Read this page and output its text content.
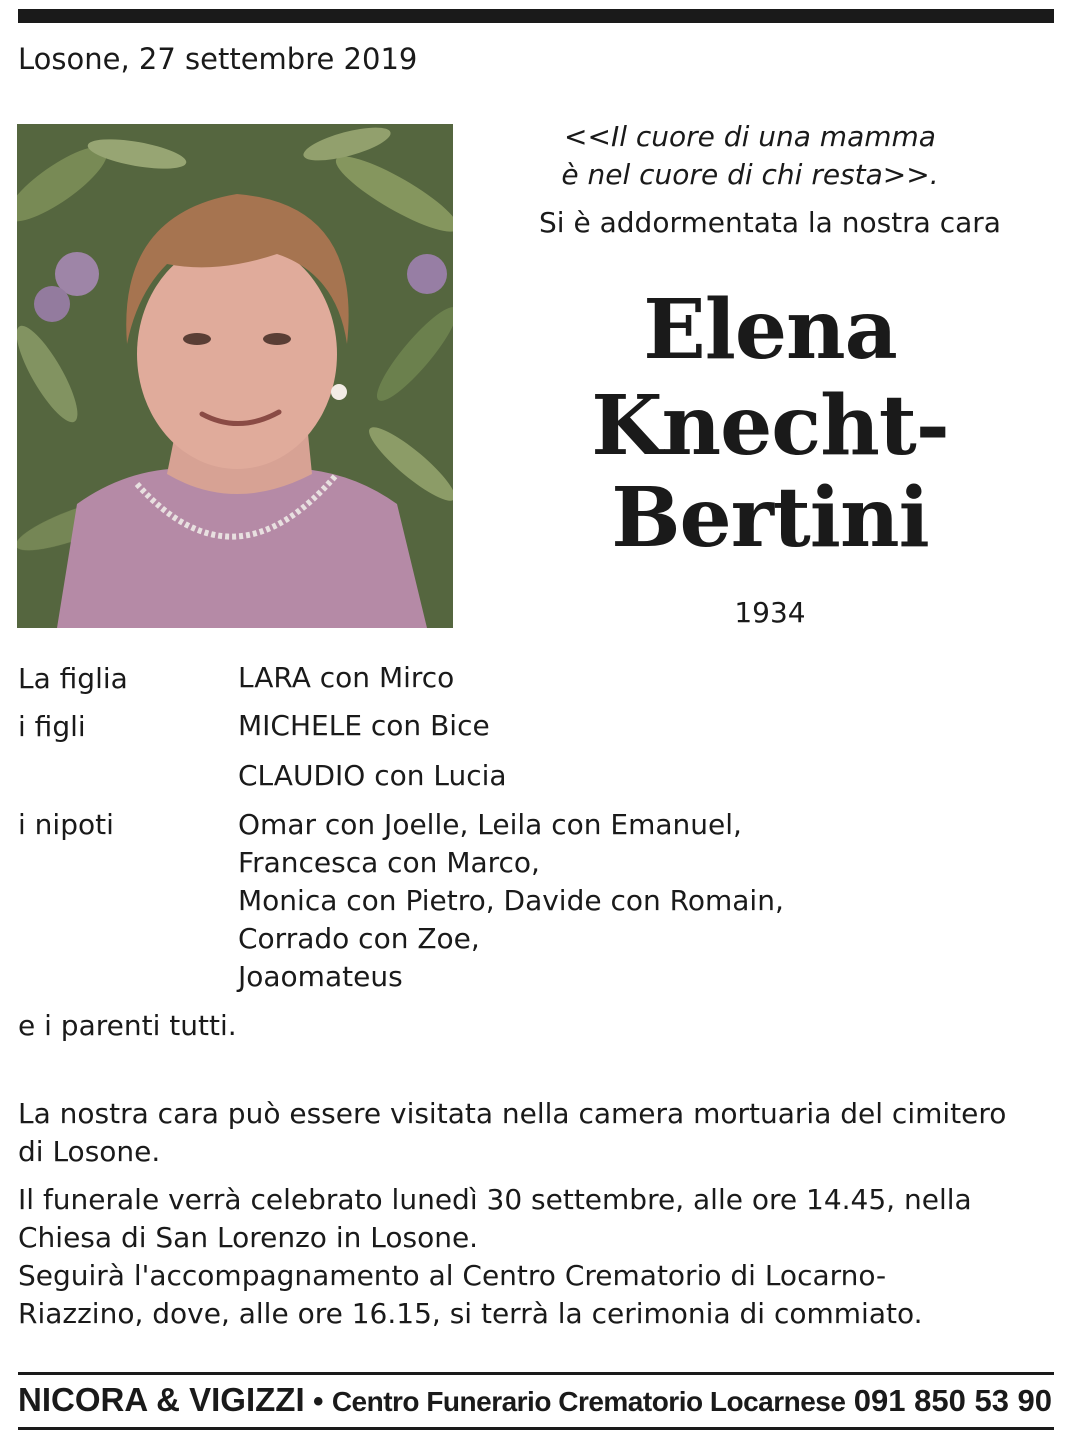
Losone, 27 settembre 2019
<<Il cuore di una mamma
è nel cuore di chi resta>>.
Si è addormentata la nostra cara
Elena
Knecht-
Bertini
1934
La figlia	LARA con Mirco
i figli	MICHELE con Bice
CLAUDIO con Lucia
i nipoti	Omar con Joelle, Leila con Emanuel,
Francesca con Marco,
Monica con Pietro, Davide con Romain,
Corrado con Zoe,
Joaomateus
e i parenti tutti.
La nostra cara può essere visitata nella camera mortuaria del cimitero
di Losone.
Il funerale verrà celebrato lunedì 30 settembre, alle ore 14.45, nella
Chiesa di San Lorenzo in Losone.
Seguirà l'accompagnamento al Centro Crematorio di Locarno-
Riazzino, dove, alle ore 16.15, si terrà la cerimonia di commiato.
NICORA & VIGIZZI • Centro Funerario Crematorio Locarnese 091 850 53 90
